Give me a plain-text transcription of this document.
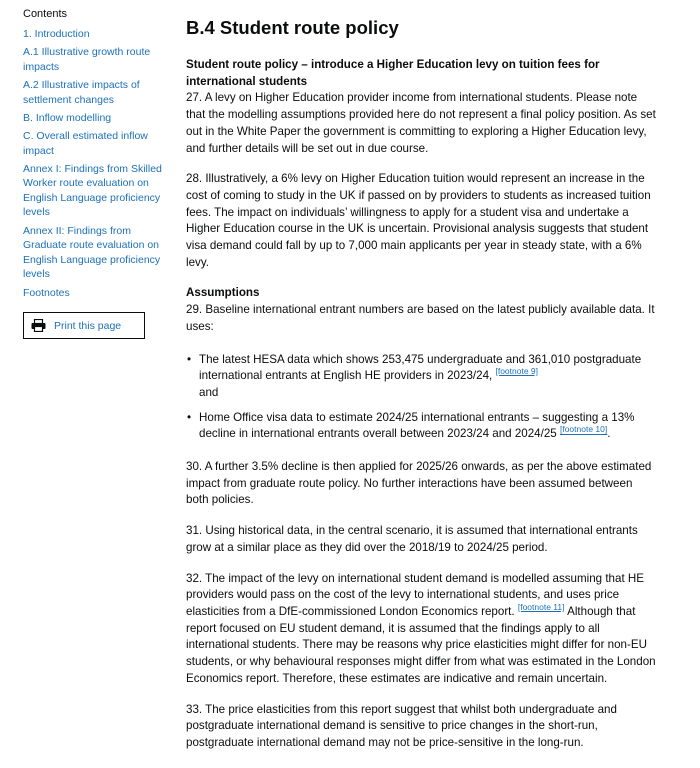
Contents
1. Introduction
A.1 Illustrative growth route impacts
A.2 Illustrative impacts of settlement changes
B. Inflow modelling
C. Overall estimated inflow impact
Annex I: Findings from Skilled Worker route evaluation on English Language proficiency levels
Annex II: Findings from Graduate route evaluation on English Language proficiency levels
Footnotes
Print this page
B.4 Student route policy
Student route policy – introduce a Higher Education levy on tuition fees for international students

27. A levy on Higher Education provider income from international students. Please note that the modelling assumptions provided here do not represent a final policy position. As set out in the White Paper the government is committing to exploring a Higher Education levy, and further details will be set out in due course.

28. Illustratively, a 6% levy on Higher Education tuition would represent an increase in the cost of coming to study in the UK if passed on by providers to students as increased tuition fees. The impact on individuals’ willingness to apply for a student visa and undertake a Higher Education course in the UK is uncertain. Provisional analysis suggests that student visa demand could fall by up to 7,000 main applicants per year in steady state, with a 6% levy.

Assumptions

29. Baseline international entrant numbers are based on the latest publicly available data. It uses:

• The latest HESA data which shows 253,475 undergraduate and 361,010 postgraduate international entrants at English HE providers in 2023/24, [footnote 9]
and
• Home Office visa data to estimate 2024/25 international entrants – suggesting a 13% decline in international entrants overall between 2023/24 and 2024/25 [footnote 10].

30. A further 3.5% decline is then applied for 2025/26 onwards, as per the above estimated impact from graduate route policy. No further interactions have been assumed between both policies.

31. Using historical data, in the central scenario, it is assumed that international entrants grow at a similar place as they did over the 2018/19 to 2024/25 period.

32. The impact of the levy on international student demand is modelled assuming that HE providers would pass on the cost of the levy to international students, and uses price elasticities from a DfE-commissioned London Economics report. [footnote 11] Although that report focused on EU student demand, it is assumed that the findings apply to all international students. There may be reasons why price elasticities might differ for non-EU students, or why behavioural responses might differ from what was estimated in the London Economics report. Therefore, these estimates are indicative and remain uncertain.

33. The price elasticities from this report suggest that whilst both undergraduate and postgraduate international demand is sensitive to price changes in the short-run, postgraduate international demand may not be price-sensitive in the long-run.
